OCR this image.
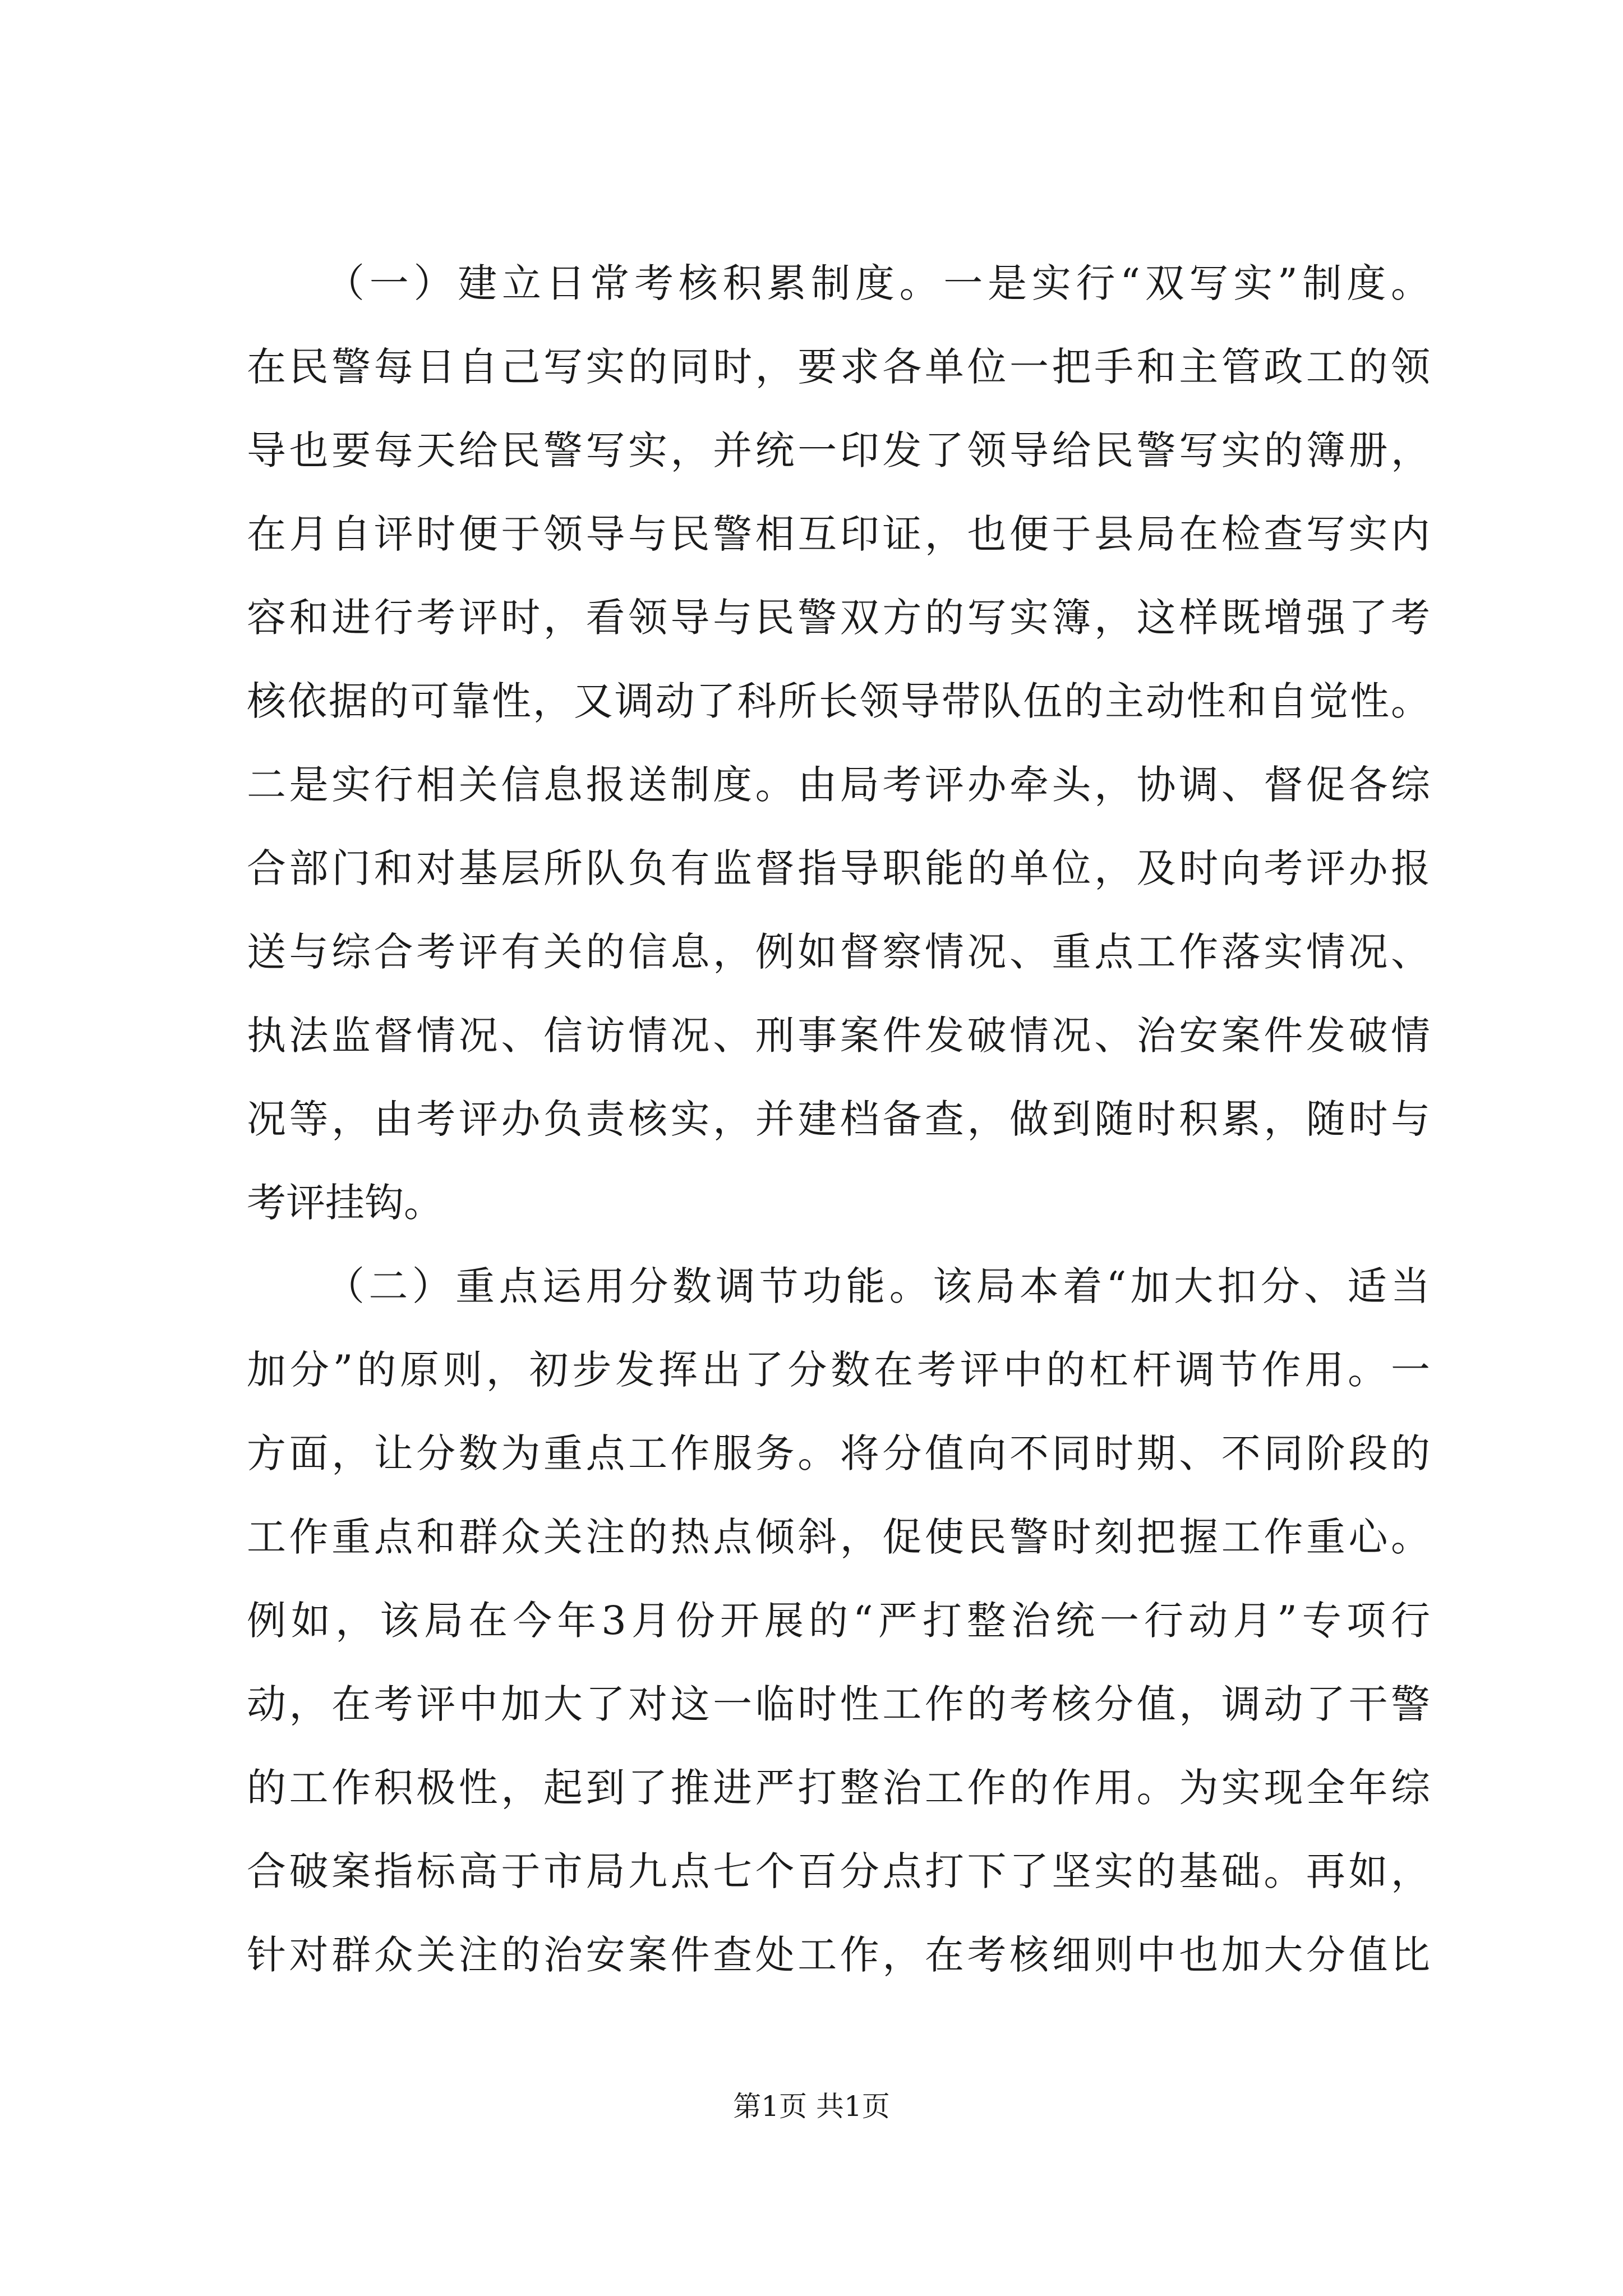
（一）建立日常考核积累制度。一是实行“双写实”制度。
在民警每日自己写实的同时，要求各单位一把手和主管政工的领
导也要每天给民警写实，并统一印发了领导给民警写实的簿册，
在月自评时便于领导与民警相互印证，也便于县局在检查写实内
容和进行考评时，看领导与民警双方的写实簿，这样既增强了考
核依据的可靠性，又调动了科所长领导带队伍的主动性和自觉性。
二是实行相关信息报送制度。由局考评办牵头，协调、督促各综
合部门和对基层所队负有监督指导职能的单位，及时向考评办报
送与综合考评有关的信息，例如督察情况、重点工作落实情况、
执法监督情况、信访情况、刑事案件发破情况、治安案件发破情
况等，由考评办负责核实，并建档备查，做到随时积累，随时与
考评挂钩。
（二）重点运用分数调节功能。该局本着“加大扣分、适当
加分”的原则，初步发挥出了分数在考评中的杠杆调节作用。一
方面，让分数为重点工作服务。将分值向不同时期、不同阶段的
工作重点和群众关注的热点倾斜，促使民警时刻把握工作重心。
例如，该局在今年3月份开展的“严打整治统一行动月”专项行
动，在考评中加大了对这一临时性工作的考核分值，调动了干警
的工作积极性，起到了推进严打整治工作的作用。为实现全年综
合破案指标高于市局九点七个百分点打下了坚实的基础。再如，
针对群众关注的治安案件查处工作，在考核细则中也加大分值比
第1页 共1页
